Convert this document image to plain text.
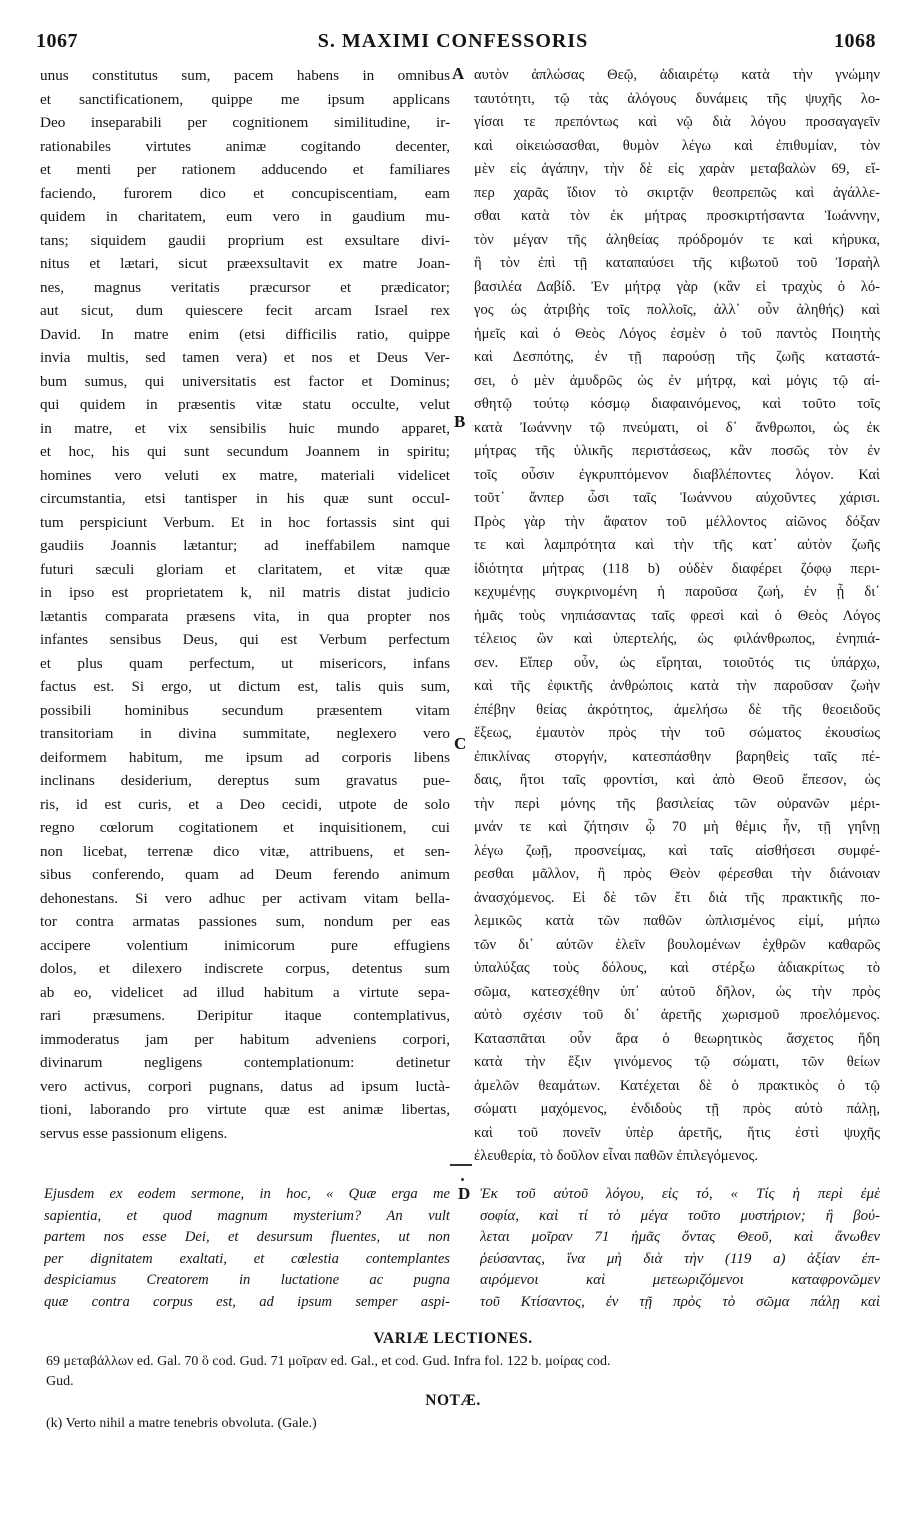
1067	S. MAXIMI CONFESSORIS	1068
unus constitutus sum, pacem habens in omnibus
et sanctificationem, quippe me ipsum applicans
Deo inseparabili per cognitionem similitudine, ir-
rationabiles virtutes animæ cogitando decenter,
et menti per rationem adducendo et familiares
faciendo, furorem dico et concupiscentiam, eam
quidem in charitatem, eum vero in gaudium mu-
tans; siquidem gaudii proprium est exsultare divi-
nitus et lætari, sicut præexsultavit ex matre Joan-
nes, magnus veritatis præcursor et prædicator;
aut sicut, dum quiescere fecit arcam Israel rex
David. In matre enim (etsi difficilis ratio, quippe
invia multis, sed tamen vera) et nos et Deus Ver-
bum sumus, qui universitatis est factor et Dominus;
qui quidem in præsentis vitæ statu occulte, velut
in matre, et vix sensibilis huic mundo apparet,
et hoc, his qui sunt secundum Joannem in spiritu;
homines vero veluti ex matre, materiali videlicet
circumstantia, etsi tantisper in his quæ sunt occul-
tum perspiciunt Verbum. Et in hoc fortassis sint qui
gaudiis Joannis lætantur; ad ineffabilem namque
futuri sæculi gloriam et claritatem, et vitæ quæ
in ipso est proprietatem k, nil matris distat judicio
lætantis comparata præsens vita, in qua propter nos
infantes sensibus Deus, qui est Verbum perfectum
et plus quam perfectum, ut misericors, infans
factus est. Si ergo, ut dictum est, talis quis sum,
possibili hominibus secundum præsentem vitam
transitoriam in divina summitate, neglexero vero
deiformem habitum, me ipsum ad corporis libens
inclinans desiderium, dereptus sum gravatus pue-
ris, id est curis, et a Deo cecidi, utpote de solo
regno cœlorum cogitationem et inquisitionem, cui
non licebat, terrenæ dico vitæ, attribuens, et sen-
sibus conferendo, quam ad Deum ferendo animum
dehonestans. Si vero adhuc per activam vitam bella-
tor contra armatas passiones sum, nondum per eas
accipere volentium inimicorum pure effugiens
dolos, et dilexero indiscrete corpus, detentus sum
ab eo, videlicet ad illud habitum a virtute sepa-
rari præsumens. Deripitur itaque contemplativus,
immoderatus jam per habitum adveniens corpori,
divinarum negligens contemplationum: detinetur
vero activus, corpori pugnans, datus ad ipsum luctà-
tioni, laborando pro virtute quæ est animæ libertas,
servus esse passionum eligens.
αυτὸν ἁπλώσας Θεῷ, ἀδιαιρέτῳ κατὰ τὴν γνώμην
ταυτότητι, τῷ τὰς ἀλόγους δυνάμεις τῆς ψυχῆς λο-
γίσαι τε πρεπόντως καὶ νῷ διὰ λόγου προσαγαγεῖν
καὶ οἰκειώσασθαι, θυμὸν λέγω καὶ ἐπιθυμίαν, τὸν
μὲν εἰς ἀγάπην, τὴν δὲ εἰς χαρὰν μεταβαλὼν 69, εἴ-
περ χαρᾶς ἴδιον τὸ σκιρτᾷν θεοπρεπῶς καὶ ἀγάλλε-
σθαι κατὰ τὸν ἐκ μήτρας προσκιρτήσαντα Ἰωάννην,
τὸν μέγαν τῆς ἀληθείας πρόδρομόν τε καὶ κήρυκα,
ἢ τὸν ἐπὶ τῇ καταπαύσει τῆς κιβωτοῦ τοῦ Ἰσραὴλ
βασιλέα Δαβίδ. Ἐν μήτρᾳ γὰρ (κἂν εἰ τραχὺς ὁ λό-
γος ὡς ἀτριβὴς τοῖς πολλοῖς, ἀλλ᾽ οὖν ἀληθής) καὶ
ἡμεῖς καὶ ὁ Θεὸς Λόγος ἐσμὲν ὁ τοῦ παντὸς Ποιητὴς
καὶ Δεσπότης, ἐν τῇ παρούσῃ τῆς ζωῆς καταστά-
σει, ὁ μὲν ἀμυδρῶς ὡς ἐν μήτρᾳ, καὶ μόγις τῷ αἰ-
σθητῷ τούτῳ κόσμῳ διαφαινόμενος, καὶ τοῦτο τοῖς
κατὰ Ἰωάννην τῷ πνεύματι, οἱ δ᾽ ἄνθρωποι, ὡς ἐκ
μήτρας τῆς ὑλικῆς περιστάσεως, κἂν ποσῶς τὸν ἐν
τοῖς οὖσιν ἐγκρυπτόμενον διαβλέποντες λόγον. Καὶ
τοῦτ᾽ ἄνπερ ὦσι ταῖς Ἰωάννου αὐχοῦντες χάρισι.
Πρὸς γὰρ τὴν ἄφατον τοῦ μέλλοντος αἰῶνος δόξαν
τε καὶ λαμπρότητα καὶ τὴν τῆς κατ᾽ αὐτὸν ζωῆς
ἰδιότητα μήτρας (118 b) οὐδὲν διαφέρει ζόφῳ περι-
κεχυμένῃς συγκρινομένη ἡ παροῦσα ζωή, ἐν ᾗ δι᾽
ἡμᾶς τοὺς νηπιάσαντας ταῖς φρεσὶ καὶ ὁ Θεὸς Λόγος
τέλειος ὢν καὶ ὑπερτελής, ὡς φιλάνθρωπος, ἐνηπιά-
σεν. Εἴπερ οὖν, ὡς εἴρηται, τοιοῦτός τις ὑπάρχω,
καὶ τῆς ἐφικτῆς ἀνθρώποις κατὰ τὴν παροῦσαν ζωὴν
ἐπέβην θείας ἀκρότητος, ἀμελήσω δὲ τῆς θεοειδοῦς
ἕξεως, ἐμαυτὸν πρὸς τὴν τοῦ σώματος ἐκουσίως
ἐπικλίνας στοργήν, κατεσπάσθην βαρηθεὶς ταῖς πέ-
δαις, ἤτοι ταῖς φροντίσι, καὶ ἀπὸ Θεοῦ ἔπεσον, ὡς
τὴν περὶ μόνης τῆς βασιλείας τῶν οὐρανῶν μέρι-
μνάν τε καὶ ζήτησιν ᾧ 70 μὴ θέμις ἦν, τῇ γηΐνῃ
λέγω ζωῇ, προσνείμας, καὶ ταῖς αἰσθήσεσι συμφέ-
ρεσθαι μᾶλλον, ἢ πρὸς Θεὸν φέρεσθαι τὴν διάνοιαν
ἀνασχόμενος. Εἰ δὲ τῶν ἔτι διὰ τῆς πρακτικῆς πο-
λεμικῶς κατὰ τῶν παθῶν ὡπλισμένος εἰμί, μήπω
τῶν δι᾽ αὐτῶν ἑλεῖν βουλομένων ἐχθρῶν καθαρῶς
ὑπαλύξας τοὺς δόλους, καὶ στέρξω ἀδιακρίτως τὸ
σῶμα, κατεσχέθην ὑπ᾽ αὐτοῦ δῆλον, ὡς τὴν πρὸς
αὐτὸ σχέσιν τοῦ δι᾽ ἀρετῆς χωρισμοῦ προελόμενος.
Κατασπᾶται οὖν ἄρα ὁ θεωρητικὸς ἄσχετος ἤδη
κατὰ τὴν ἕξιν γινόμενος τῷ σώματι, τῶν θείων
ἀμελῶν θεαμάτων. Κατέχεται δὲ ὁ πρακτικὸς ὁ τῷ
σώματι μαχόμενος, ἐνδιδοὺς τῇ πρὸς αὐτὸ πάλῃ,
καὶ τοῦ πονεῖν ὑπὲρ ἀρετῆς, ἥτις ἐστὶ ψυχῆς
ἐλευθερία, τὸ δοῦλον εἶναι παθῶν ἐπιλεγόμενος.
A
B
C
D
Ejusdem ex eodem sermone, in hoc, « Quæ erga me
sapientia, et quod magnum mysterium? An vult
partem nos esse Dei, et desursum fluentes, ut non
per dignitatem exaltati, et cœlestia contemplantes
despiciamus Creatorem in luctatione ac pugna
quæ contra corpus est, ad ipsum semper aspi-
Ἐκ τοῦ αὐτοῦ λόγου, εἰς τό, « Τίς ἡ περὶ ἐμὲ
σοφία, καὶ τί τὸ μέγα τοῦτο μυστήριον; ἢ βού-
λεται μοῖραν 71 ἡμᾶς ὄντας Θεοῦ, καὶ ἄνωθεν
ῥεύσαντας, ἵνα μὴ διὰ τὴν (119 a) ἀξίαν ἐπ-
αιρόμενοι καὶ μετεωριζόμενοι καταφρονῶμεν
τοῦ Κτίσαντος, ἐν τῇ πρὸς τὸ σῶμα πάλῃ καὶ
VARIÆ LECTIONES.
69 μεταβάλλων ed. Gal. 70 ὃ cod. Gud. 71 μοῖραν ed. Gal., et cod. Gud. Infra fol. 122 b. μοίρας cod.
Gud.
NOTÆ.
(k) Verto nihil a matre tenebris obvoluta. (Gale.)
